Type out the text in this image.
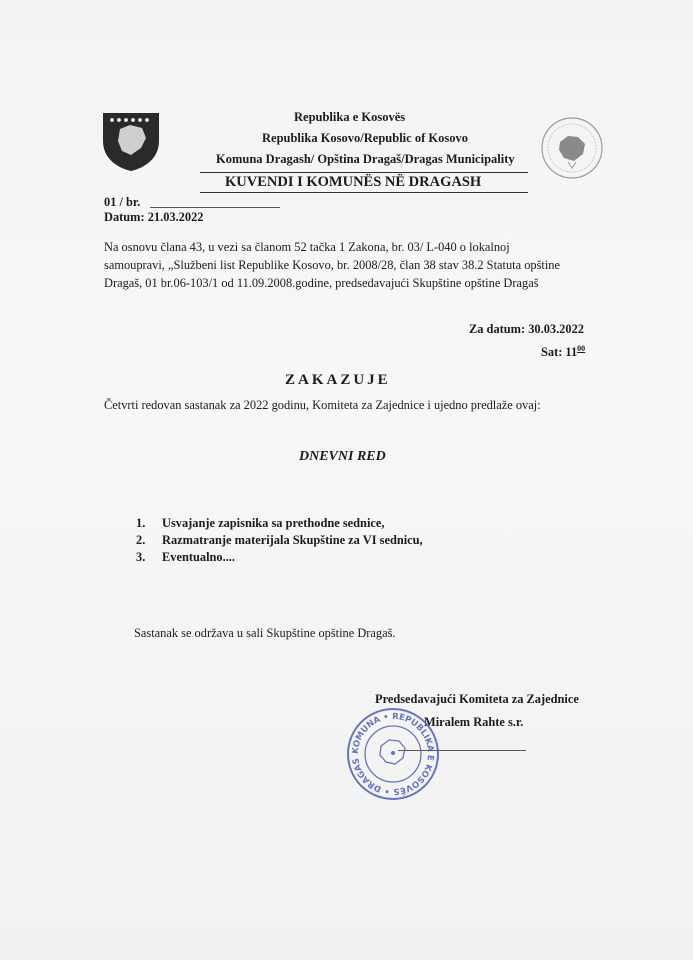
Republika e Kosovës
Republika Kosovo/Republic of Kosovo
Komuna Dragash/ Opština Dragaš/Dragas Municipality
KUVENDI I KOMUNËS NË DRAGASH
01 / br.
Datum: 21.03.2022
Na osnovu člana 43, u vezi sa članom 52 tačka 1 Zakona, br. 03/ L-040 o lokalnoj
samoupravi, „Službeni list Republike Kosovo, br. 2008/28, član 38 stav 38.2 Statuta opštine
Dragaš, 01 br.06-103/1 od 11.09.2008.godine, predsedavajući Skupštine opštine Dragaš
Za datum: 30.03.2022
Sat: $11^{00}$
ZAKAZUJE
Četvrti redovan sastanak za 2022 godinu, Komiteta za Zajednice i ujedno predlaže ovaj:
DNEVNI RED
1. Usvajanje zapisnika sa prethodne sednice,
2. Razmatranje materijala Skupštine za VI sednicu,
3. Eventualno....
Sastanak se održava u sali Skupštine opštine Dragaš.
Predsedavajući Komiteta za Zajednice
Miralem Rahte s.r.
KOMUNA • REPUBLIKA E KOSOVËS • DRAGAS
